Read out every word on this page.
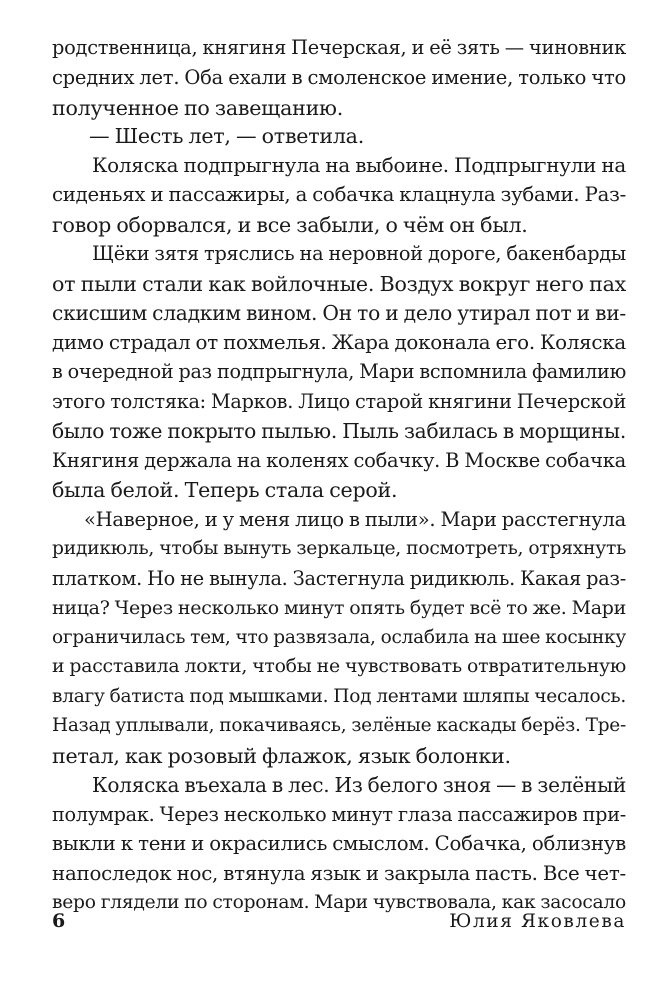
родственница, княгиня Печерская, и её зять — чиновник
средних лет. Оба ехали в смоленское имение, только что
полученное по завещанию.
— Шесть лет, — ответила.
Коляска подпрыгнула на выбоине. Подпрыгнули на
сиденьях и пассажиры, а собачка клацнула зубами. Раз-
говор оборвался, и все забыли, о чём он был.
Щёки зятя тряслись на неровной дороге, бакенбарды
от пыли стали как войлочные. Воздух вокруг него пах
скисшим сладким вином. Он то и дело утирал пот и ви-
димо страдал от похмелья. Жара доконала его. Коляска
в очередной раз подпрыгнула, Мари вспомнила фамилию
этого толстяка: Марков. Лицо старой княгини Печерской
было тоже покрыто пылью. Пыль забилась в морщины.
Княгиня держала на коленях собачку. В Москве собачка
была белой. Теперь стала серой.
«Наверное, и у меня лицо в пыли». Мари расстегнула
ридикюль, чтобы вынуть зеркальце, посмотреть, отряхнуть
платком. Но не вынула. Застегнула ридикюль. Какая раз-
ница? Через несколько минут опять будет всё то же. Мари
ограничилась тем, что развязала, ослабила на шее косынку
и расставила локти, чтобы не чувствовать отвратительную
влагу батиста под мышками. Под лентами шляпы чесалось.
Назад уплывали, покачиваясь, зелёные каскады берёз. Тре-
петал, как розовый флажок, язык болонки.
Коляска въехала в лес. Из белого зноя — в зелёный
полумрак. Через несколько минут глаза пассажиров при-
выкли к тени и окрасились смыслом. Собачка, облизнув
напоследок нос, втянула язык и закрыла пасть. Все чет-
веро глядели по сторонам. Мари чувствовала, как засосало
6	Юлия Яковлева
